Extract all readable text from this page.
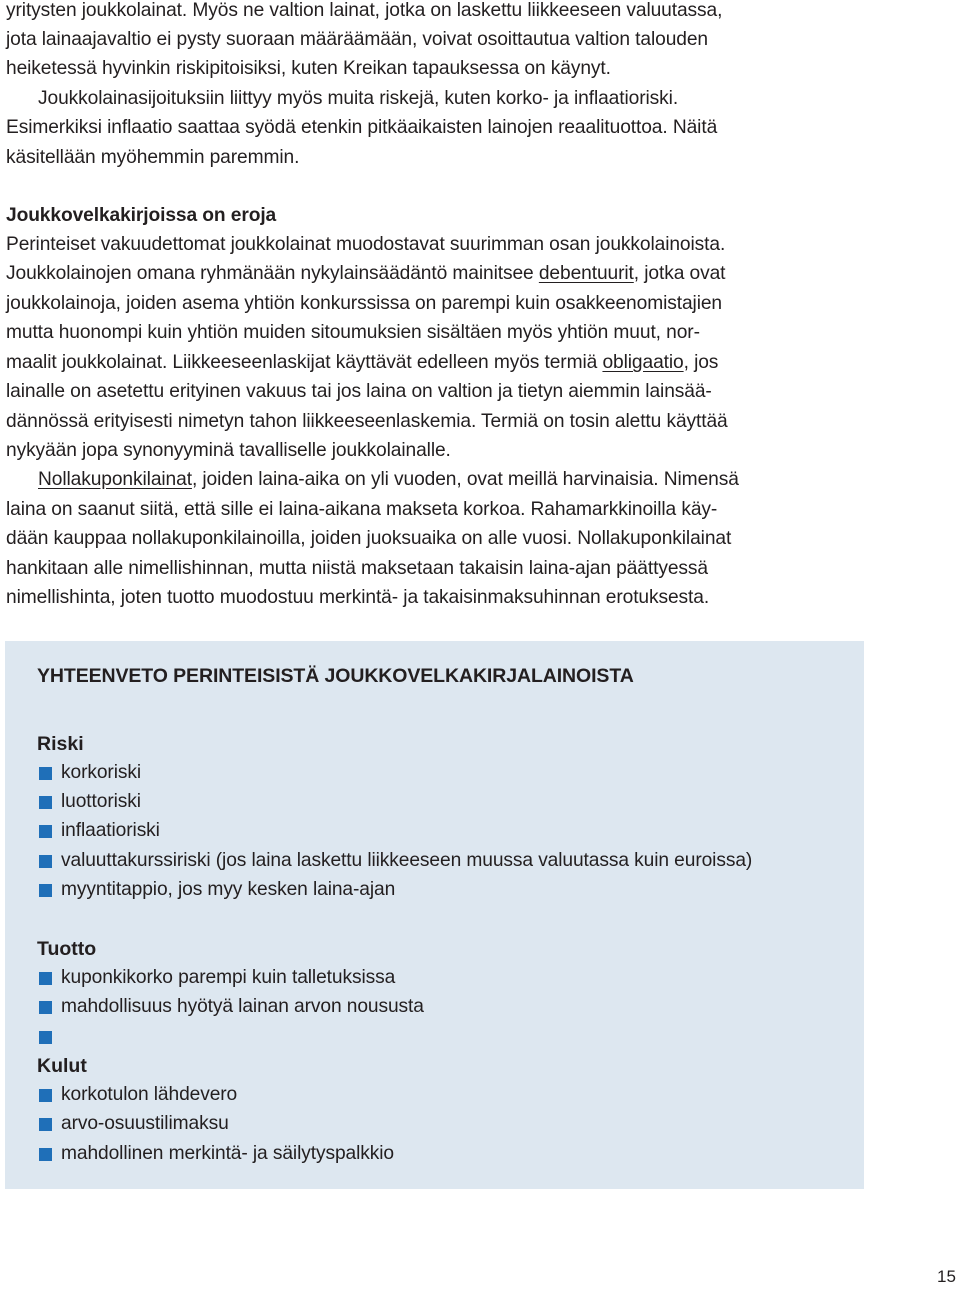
yritysten joukkolainat. Myös ne valtion lainat, jotka on laskettu liikkeeseen valuutassa,
jota lainaajavaltio ei pysty suoraan määräämään, voivat osoittautua valtion talouden
heiketessä hyvinkin riskipitoisiksi, kuten Kreikan tapauksessa on käynyt.
Joukkolainasijoituksiin liittyy myös muita riskejä, kuten korko- ja inflaatioriski.
Esimerkiksi inflaatio saattaa syödä etenkin pitkäaikaisten lainojen reaalituottoa. Näitä
käsitellään myöhemmin paremmin.
Joukkovelkakirjoissa on eroja
Perinteiset vakuudettomat joukkolainat muodostavat suurimman osan joukkolainoista.
Joukkolainojen omana ryhmänään nykylainsäädäntö mainitsee debentuurit, jotka ovat
joukkolainoja, joiden asema yhtiön konkurssissa on parempi kuin osakkeenomistajien
mutta huonompi kuin yhtiön muiden sitoumuksien sisältäen myös yhtiön muut, nor-
maalit joukkolainat. Liikkeeseenlaskijat käyttävät edelleen myös termiä obligaatio, jos
lainalle on asetettu erityinen vakuus tai jos laina on valtion ja tietyn aiemmin lainsää-
dännössä erityisesti nimetyn tahon liikkeeseenlaskemia. Termiä on tosin alettu käyttää
nykyään jopa synonyyminä tavalliselle joukkolainalle.
Nollakuponkilainat, joiden laina-aika on yli vuoden, ovat meillä harvinaisia. Nimensä
laina on saanut siitä, että sille ei laina-aikana makseta korkoa. Rahamarkkinoilla käy-
dään kauppaa nollakuponkilainoilla, joiden juoksuaika on alle vuosi. Nollakuponkilainat
hankitaan alle nimellishinnan, mutta niistä maksetaan takaisin laina-ajan päättyessä
nimellishinta, joten tuotto muodostuu merkintä- ja takaisinmaksuhinnan erotuksesta.
YHTEENVETO PERINTEISISTÄ JOUKKOVELKAKIRJALAINOISTA
Riski
korkoriski
luottoriski
inflaatioriski
valuuttakurssiriski (jos laina laskettu liikkeeseen muussa valuutassa kuin euroissa)
myyntitappio, jos myy kesken laina-ajan
Tuotto
kuponkikorko parempi kuin talletuksissa
mahdollisuus hyötyä lainan arvon noususta
Kulut
korkotulon lähdevero
arvo-osuustilimaksu
mahdollinen merkintä- ja säilytyspalkkio
15
